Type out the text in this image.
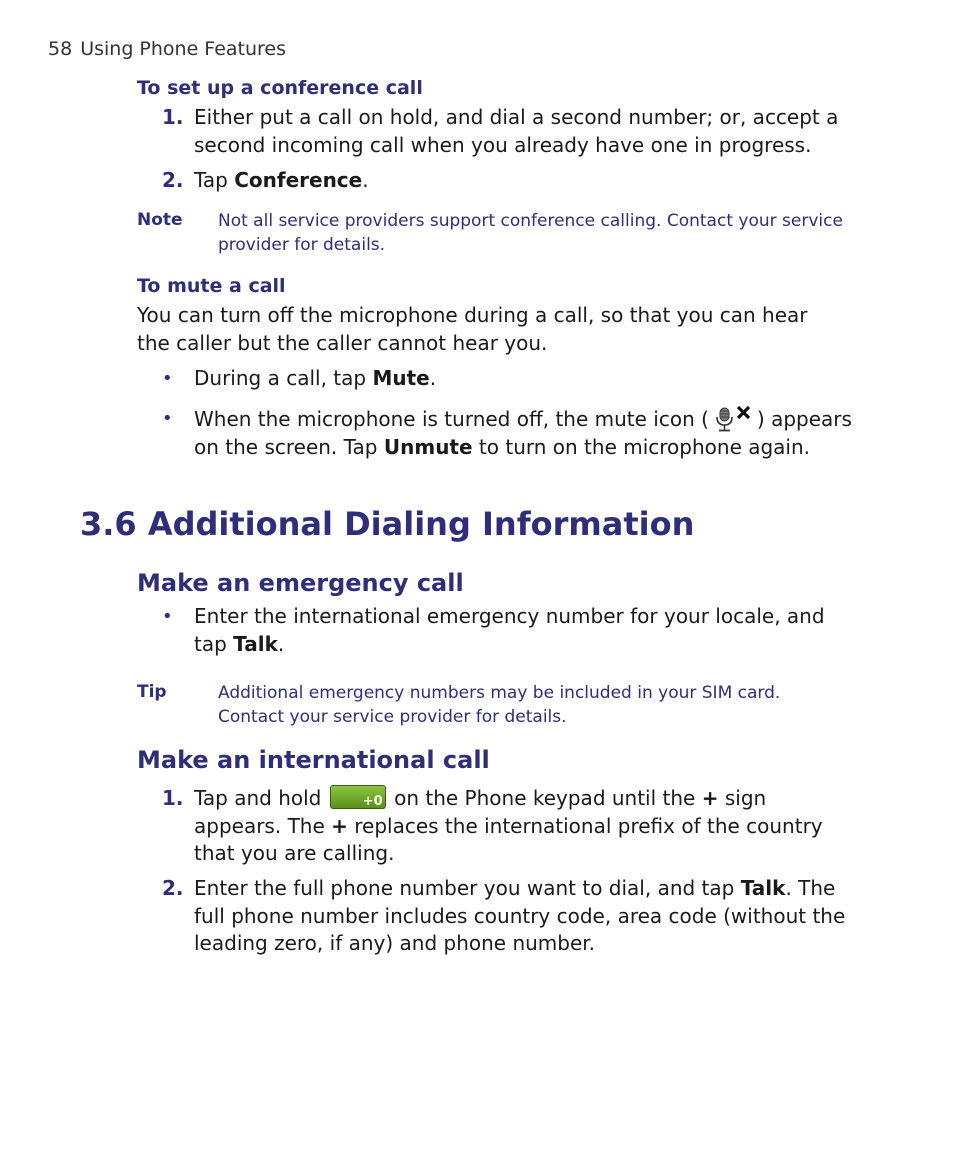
58 Using Phone Features
To set up a conference call
1. Either put a call on hold, and dial a second number; or, accept a second incoming call when you already have one in progress.
2. Tap Conference.
Note Not all service providers support conference calling. Contact your service provider for details.
To mute a call
You can turn off the microphone during a call, so that you can hear the caller but the caller cannot hear you.
• During a call, tap Mute.
• When the microphone is turned off, the mute icon ( ) appears on the screen. Tap Unmute to turn on the microphone again.
3.6 Additional Dialing Information
Make an emergency call
• Enter the international emergency number for your locale, and tap Talk.
Tip	Additional emergency numbers may be included in your SIM card. Contact your service provider for details.
Make an international call
1. Tap and hold	+0 on the Phone keypad until the + sign appears. The + replaces the international prefix of the country that you are calling.
2. Enter the full phone number you want to dial, and tap Talk. The full phone number includes country code, area code (without the leading zero, if any) and phone number.
